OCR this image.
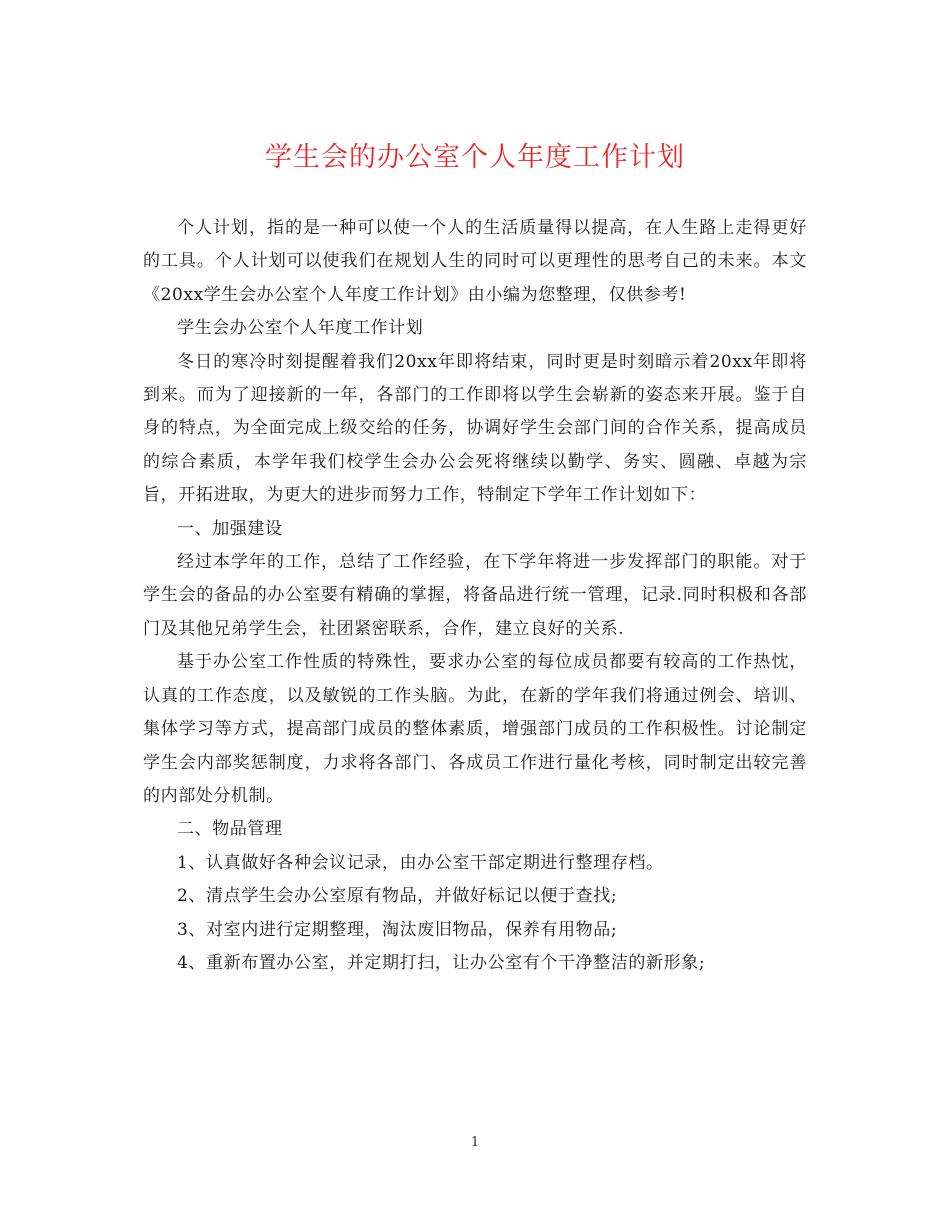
学生会的办公室个人年度工作计划

个人计划，指的是一种可以使一个人的生活质量得以提高，在人生路上走得更好的工具。个人计划可以使我们在规划人生的同时可以更理性的思考自己的未来。本文《20xx学生会办公室个人年度工作计划》由小编为您整理，仅供参考!

学生会办公室个人年度工作计划

冬日的寒冷时刻提醒着我们20xx年即将结束，同时更是时刻暗示着20xx年即将到来。而为了迎接新的一年，各部门的工作即将以学生会崭新的姿态来开展。鉴于自身的特点，为全面完成上级交给的任务，协调好学生会部门间的合作关系，提高成员的综合素质，本学年我们校学生会办公会死将继续以勤学、务实、圆融、卓越为宗旨，开拓进取，为更大的进步而努力工作，特制定下学年工作计划如下：

一、加强建设

经过本学年的工作，总结了工作经验，在下学年将进一步发挥部门的职能。对于学生会的备品的办公室要有精确的掌握，将备品进行统一管理，记录.同时积极和各部门及其他兄弟学生会，社团紧密联系，合作，建立良好的关系.

基于办公室工作性质的特殊性，要求办公室的每位成员都要有较高的工作热忱，认真的工作态度，以及敏锐的工作头脑。为此，在新的学年我们将通过例会、培训、集体学习等方式，提高部门成员的整体素质，增强部门成员的工作积极性。讨论制定学生会内部奖惩制度，力求将各部门、各成员工作进行量化考核，同时制定出较完善的内部处分机制。

二、物品管理

1、认真做好各种会议记录，由办公室干部定期进行整理存档。

2、清点学生会办公室原有物品，并做好标记以便于查找;

3、对室内进行定期整理，淘汰废旧物品，保养有用物品;

4、重新布置办公室，并定期打扫，让办公室有个干净整洁的新形象;

1
